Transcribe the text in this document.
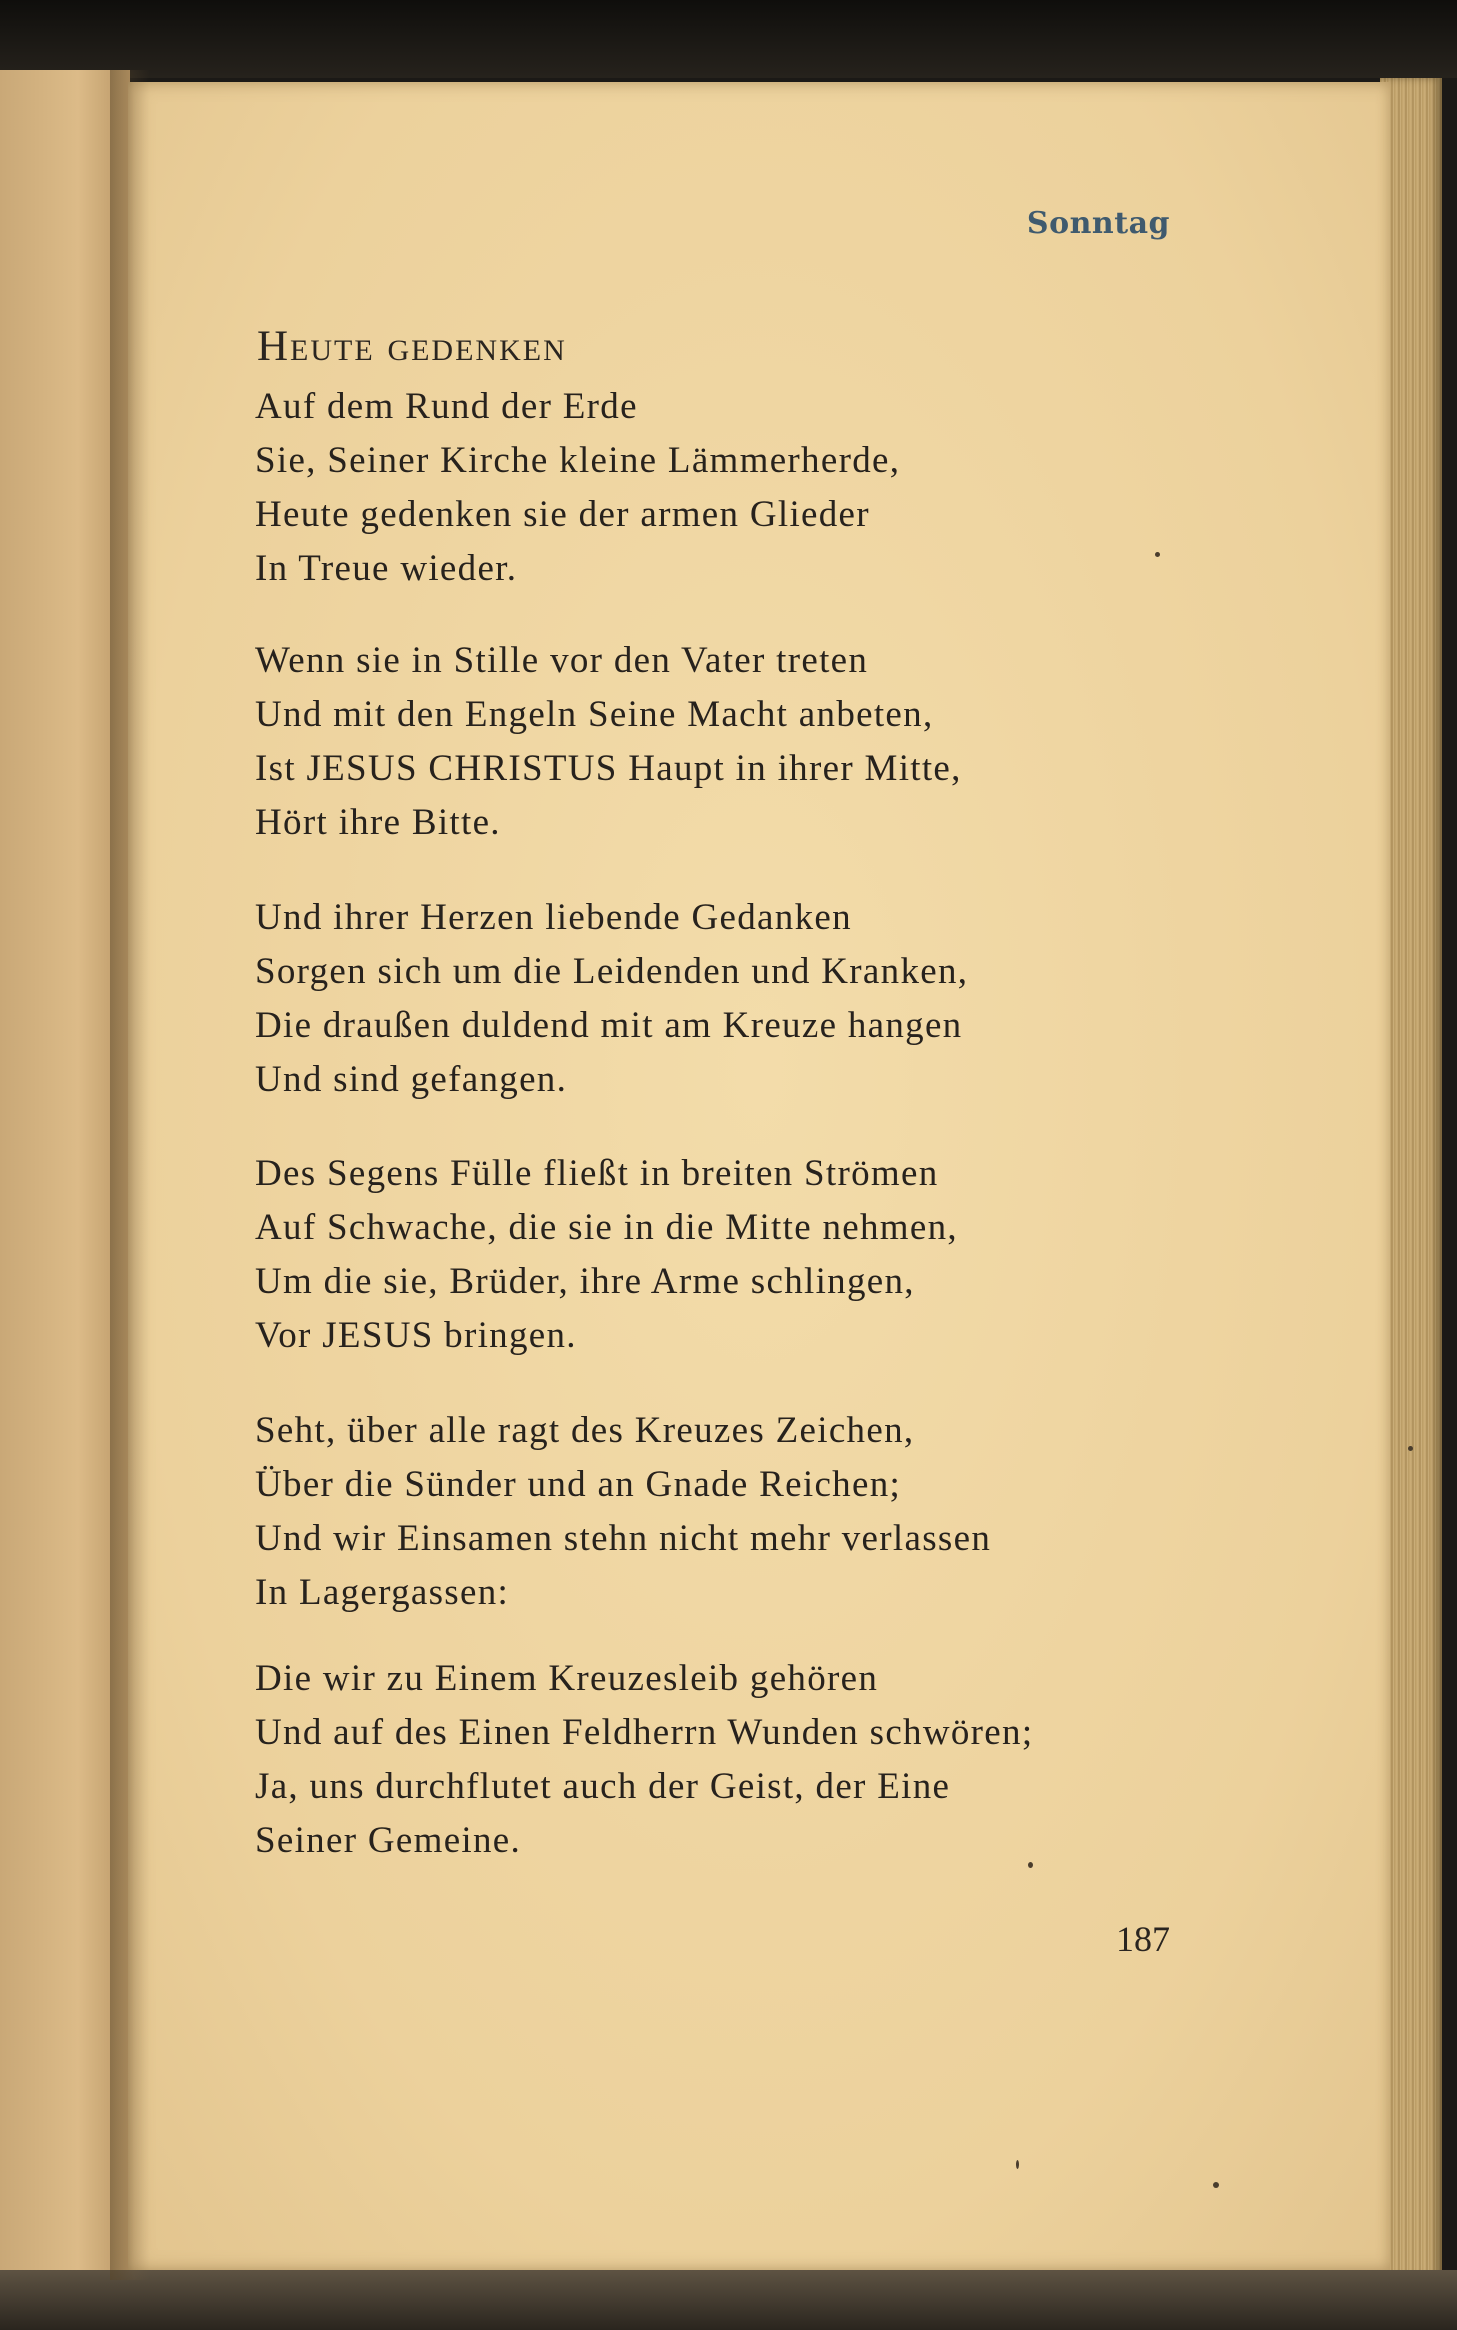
Sonntag
Heute gedenken
Auf dem Rund der Erde
Sie, Seiner Kirche kleine Lämmerherde,
Heute gedenken sie der armen Glieder
In Treue wieder.
Wenn sie in Stille vor den Vater treten
Und mit den Engeln Seine Macht anbeten,
Ist JESUS CHRISTUS Haupt in ihrer Mitte,
Hört ihre Bitte.
Und ihrer Herzen liebende Gedanken
Sorgen sich um die Leidenden und Kranken,
Die draußen duldend mit am Kreuze hangen
Und sind gefangen.
Des Segens Fülle fließt in breiten Strömen
Auf Schwache, die sie in die Mitte nehmen,
Um die sie, Brüder, ihre Arme schlingen,
Vor JESUS bringen.
Seht, über alle ragt des Kreuzes Zeichen,
Über die Sünder und an Gnade Reichen;
Und wir Einsamen stehn nicht mehr verlassen
In Lagergassen:
Die wir zu Einem Kreuzesleib gehören
Und auf des Einen Feldherrn Wunden schwören;
Ja, uns durchflutet auch der Geist, der Eine
Seiner Gemeine.
187
